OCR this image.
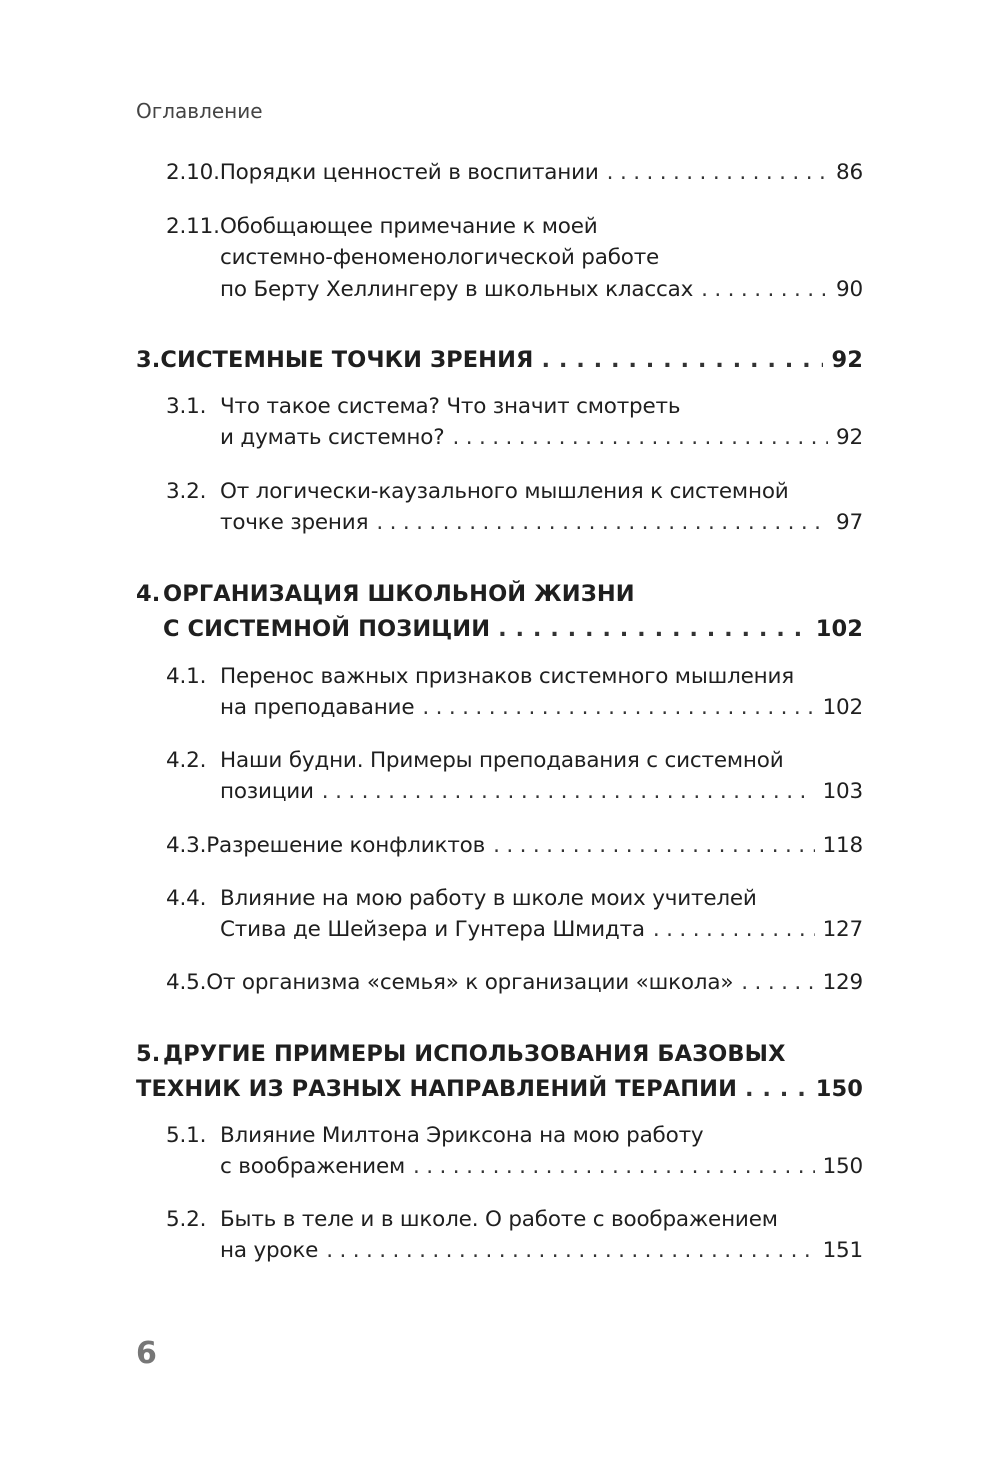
Оглавление
2.10. Порядки ценностей в воспитании . . .	86
2.11. Обобщающее примечание к моей
системно-феноменологической работе
по Берту Хеллингеру в школьных классах . . .	90
3. СИСТЕМНЫЕ ТОЧКИ ЗРЕНИЯ . . .	92
3.1. Что такое система? Что значит смотреть
и думать системно? . . .	92
3.2. От логически-каузального мышления к системной
точке зрения . . .	97
4. ОРГАНИЗАЦИЯ ШКОЛЬНОЙ ЖИЗНИ
С СИСТЕМНОЙ ПОЗИЦИИ . . .	102
4.1. Перенос важных признаков системного мышления
на преподавание . . .	102
4.2. Наши будни. Примеры преподавания с системной
позиции . . .	103
4.3. Разрешение конфликтов . . .	118
4.4. Влияние на мою работу в школе моих учителей
Стива де Шейзера и Гунтера Шмидта . . .	127
4.5. От организма «семья» к организации «школа» . . .	129
5. ДРУГИЕ ПРИМЕРЫ ИСПОЛЬЗОВАНИЯ БАЗОВЫХ
ТЕХНИК ИЗ РАЗНЫХ НАПРАВЛЕНИЙ ТЕРАПИИ . . .	150
5.1. Влияние Милтона Эриксона на мою работу
с воображением . . .	150
5.2. Быть в теле и в школе. О работе с воображением
на уроке . . .	151
6
